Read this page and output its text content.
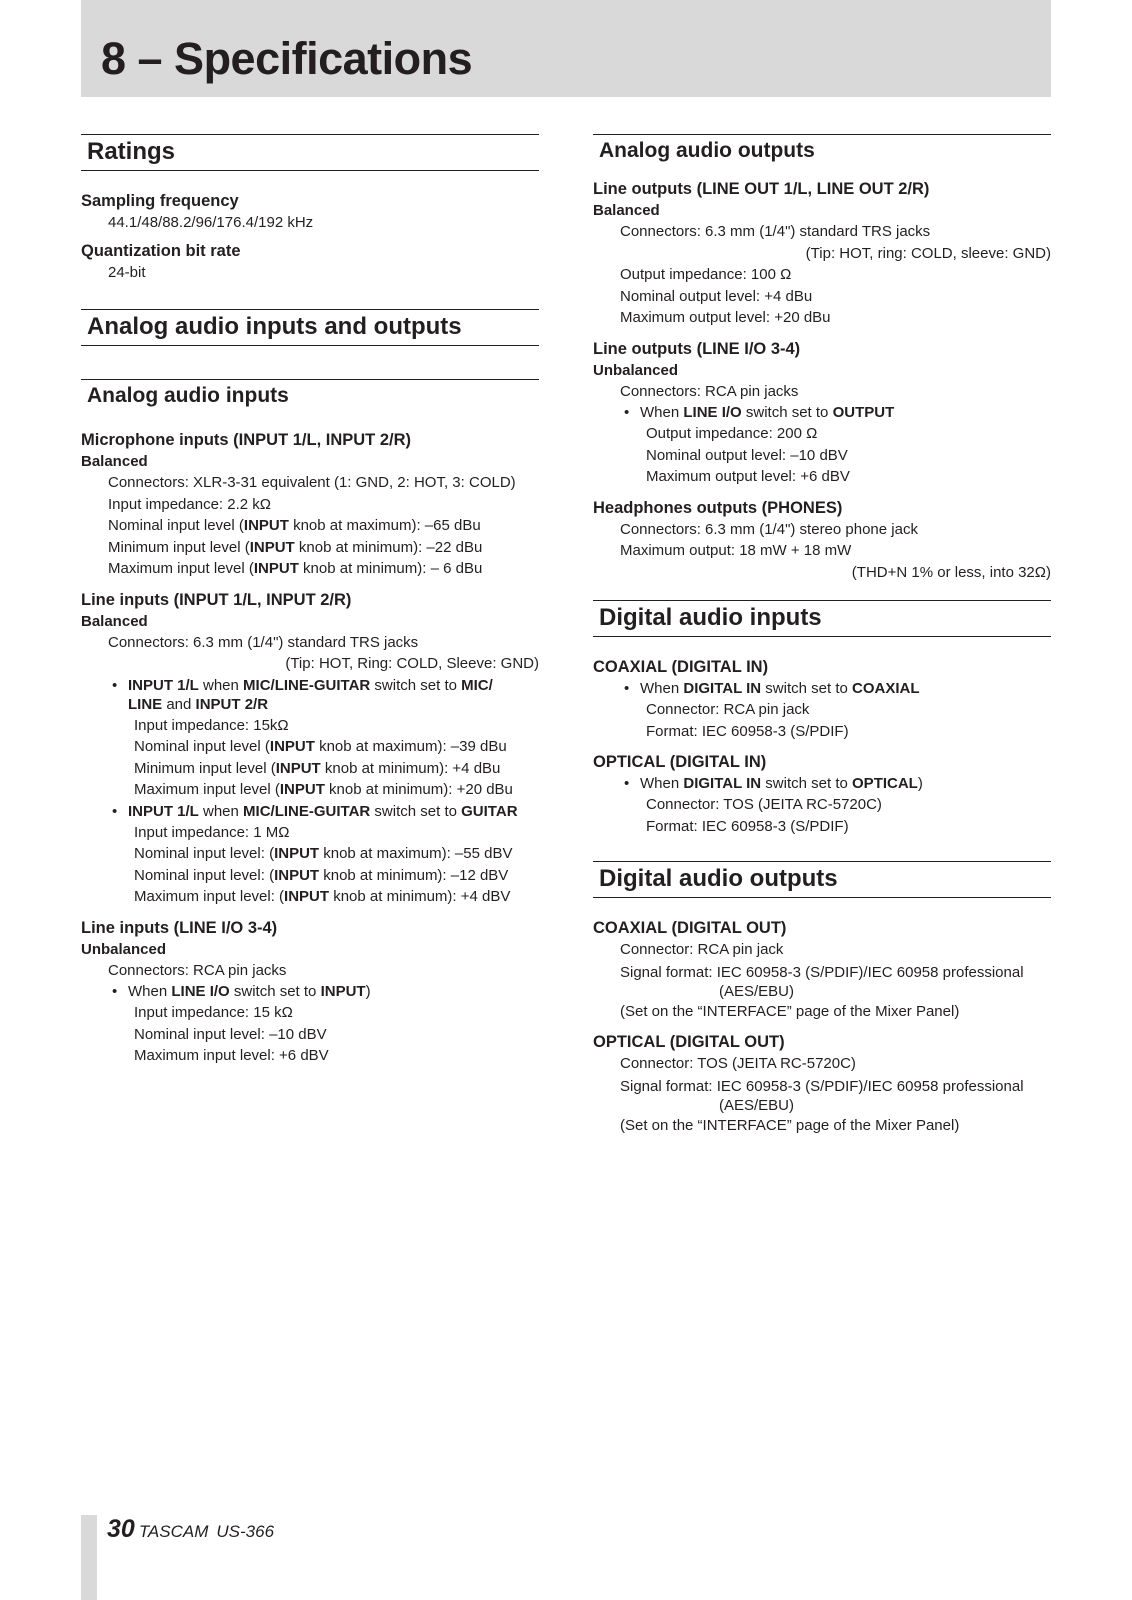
8 – Specifications
Ratings
Sampling frequency
44.1/48/88.2/96/176.4/192 kHz
Quantization bit rate
24-bit
Analog audio inputs and outputs
Analog audio inputs
Microphone inputs (INPUT 1/L, INPUT 2/R)
Balanced
Connectors: XLR-3-31 equivalent (1: GND, 2: HOT, 3: COLD)
Input impedance: 2.2 kΩ
Nominal input level (INPUT knob at maximum): –65 dBu
Minimum input level (INPUT knob at minimum): –22 dBu
Maximum input level (INPUT knob at minimum): – 6 dBu
Line inputs (INPUT 1/L, INPUT 2/R)
Balanced
Connectors: 6.3 mm (1/4") standard TRS jacks
(Tip: HOT, Ring: COLD, Sleeve: GND)
• INPUT 1/L when MIC/LINE-GUITAR switch set to MIC/
LINE and INPUT 2/R
Input impedance: 15kΩ
Nominal input level (INPUT knob at maximum): –39 dBu
Minimum input level (INPUT knob at minimum): +4 dBu
Maximum input level (INPUT knob at minimum): +20 dBu
• INPUT 1/L when MIC/LINE-GUITAR switch set to GUITAR
Input impedance: 1 MΩ
Nominal input level: (INPUT knob at maximum): –55 dBV
Nominal input level: (INPUT knob at minimum): –12 dBV
Maximum input level: (INPUT knob at minimum): +4 dBV
Line inputs (LINE I/O 3-4)
Unbalanced
Connectors: RCA pin jacks
• When LINE I/O switch set to INPUT)
Input impedance: 15 kΩ
Nominal input level: –10 dBV
Maximum input level: +6 dBV
Analog audio outputs
Line outputs (LINE OUT 1/L, LINE OUT 2/R)
Balanced
Connectors: 6.3 mm (1/4") standard TRS jacks
(Tip: HOT, ring: COLD, sleeve: GND)
Output impedance: 100 Ω
Nominal output level: +4 dBu
Maximum output level: +20 dBu
Line outputs (LINE I/O 3-4)
Unbalanced
Connectors: RCA pin jacks
• When LINE I/O switch set to OUTPUT
Output impedance: 200 Ω
Nominal output level: –10 dBV
Maximum output level: +6 dBV
Headphones outputs (PHONES)
Connectors: 6.3 mm (1/4") stereo phone jack
Maximum output: 18 mW + 18 mW
(THD+N 1% or less, into 32Ω)
Digital audio inputs
COAXIAL (DIGITAL IN)
• When DIGITAL IN switch set to COAXIAL
Connector: RCA pin jack
Format: IEC 60958-3 (S/PDIF)
OPTICAL (DIGITAL IN)
• When DIGITAL IN switch set to OPTICAL)
Connector: TOS (JEITA RC-5720C)
Format: IEC 60958-3 (S/PDIF)
Digital audio outputs
COAXIAL (DIGITAL OUT)
Connector: RCA pin jack
Signal format: IEC 60958-3 (S/PDIF)/IEC 60958 professional
(AES/EBU)
(Set on the “INTERFACE” page of the Mixer Panel)
OPTICAL (DIGITAL OUT)
Connector: TOS (JEITA RC-5720C)
Signal format: IEC 60958-3 (S/PDIF)/IEC 60958 professional
(AES/EBU)
(Set on the “INTERFACE” page of the Mixer Panel)
30 TASCAM US-366
